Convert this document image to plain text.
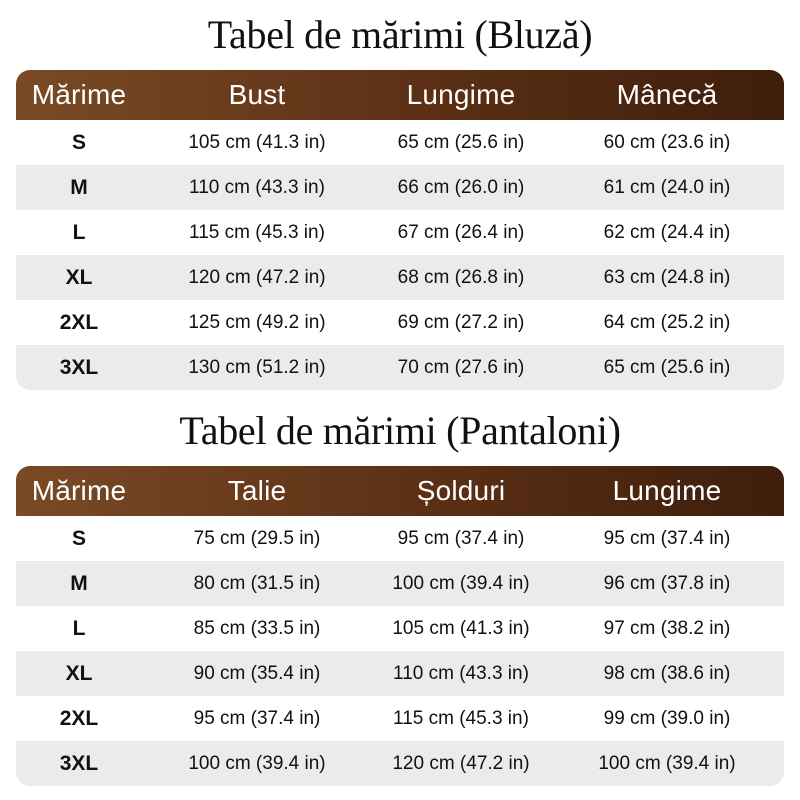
Tabel de mărimi (Bluză)
Mărime	Bust	Lungime	Mânecă
S	105 cm (41.3 in)	65 cm (25.6 in)	60 cm (23.6 in)
M	110 cm (43.3 in)	66 cm (26.0 in)	61 cm (24.0 in)
L	115 cm (45.3 in)	67 cm (26.4 in)	62 cm (24.4 in)
XL	120 cm (47.2 in)	68 cm (26.8 in)	63 cm (24.8 in)
2XL	125 cm (49.2 in)	69 cm (27.2 in)	64 cm (25.2 in)
3XL	130 cm (51.2 in)	70 cm (27.6 in)	65 cm (25.6 in)
Tabel de mărimi (Pantaloni)
Mărime	Talie	Șolduri	Lungime
S	75 cm (29.5 in)	95 cm (37.4 in)	95 cm (37.4 in)
M	80 cm (31.5 in)	100 cm (39.4 in)	96 cm (37.8 in)
L	85 cm (33.5 in)	105 cm (41.3 in)	97 cm (38.2 in)
XL	90 cm (35.4 in)	110 cm (43.3 in)	98 cm (38.6 in)
2XL	95 cm (37.4 in)	115 cm (45.3 in)	99 cm (39.0 in)
3XL	100 cm (39.4 in)	120 cm (47.2 in)	100 cm (39.4 in)
